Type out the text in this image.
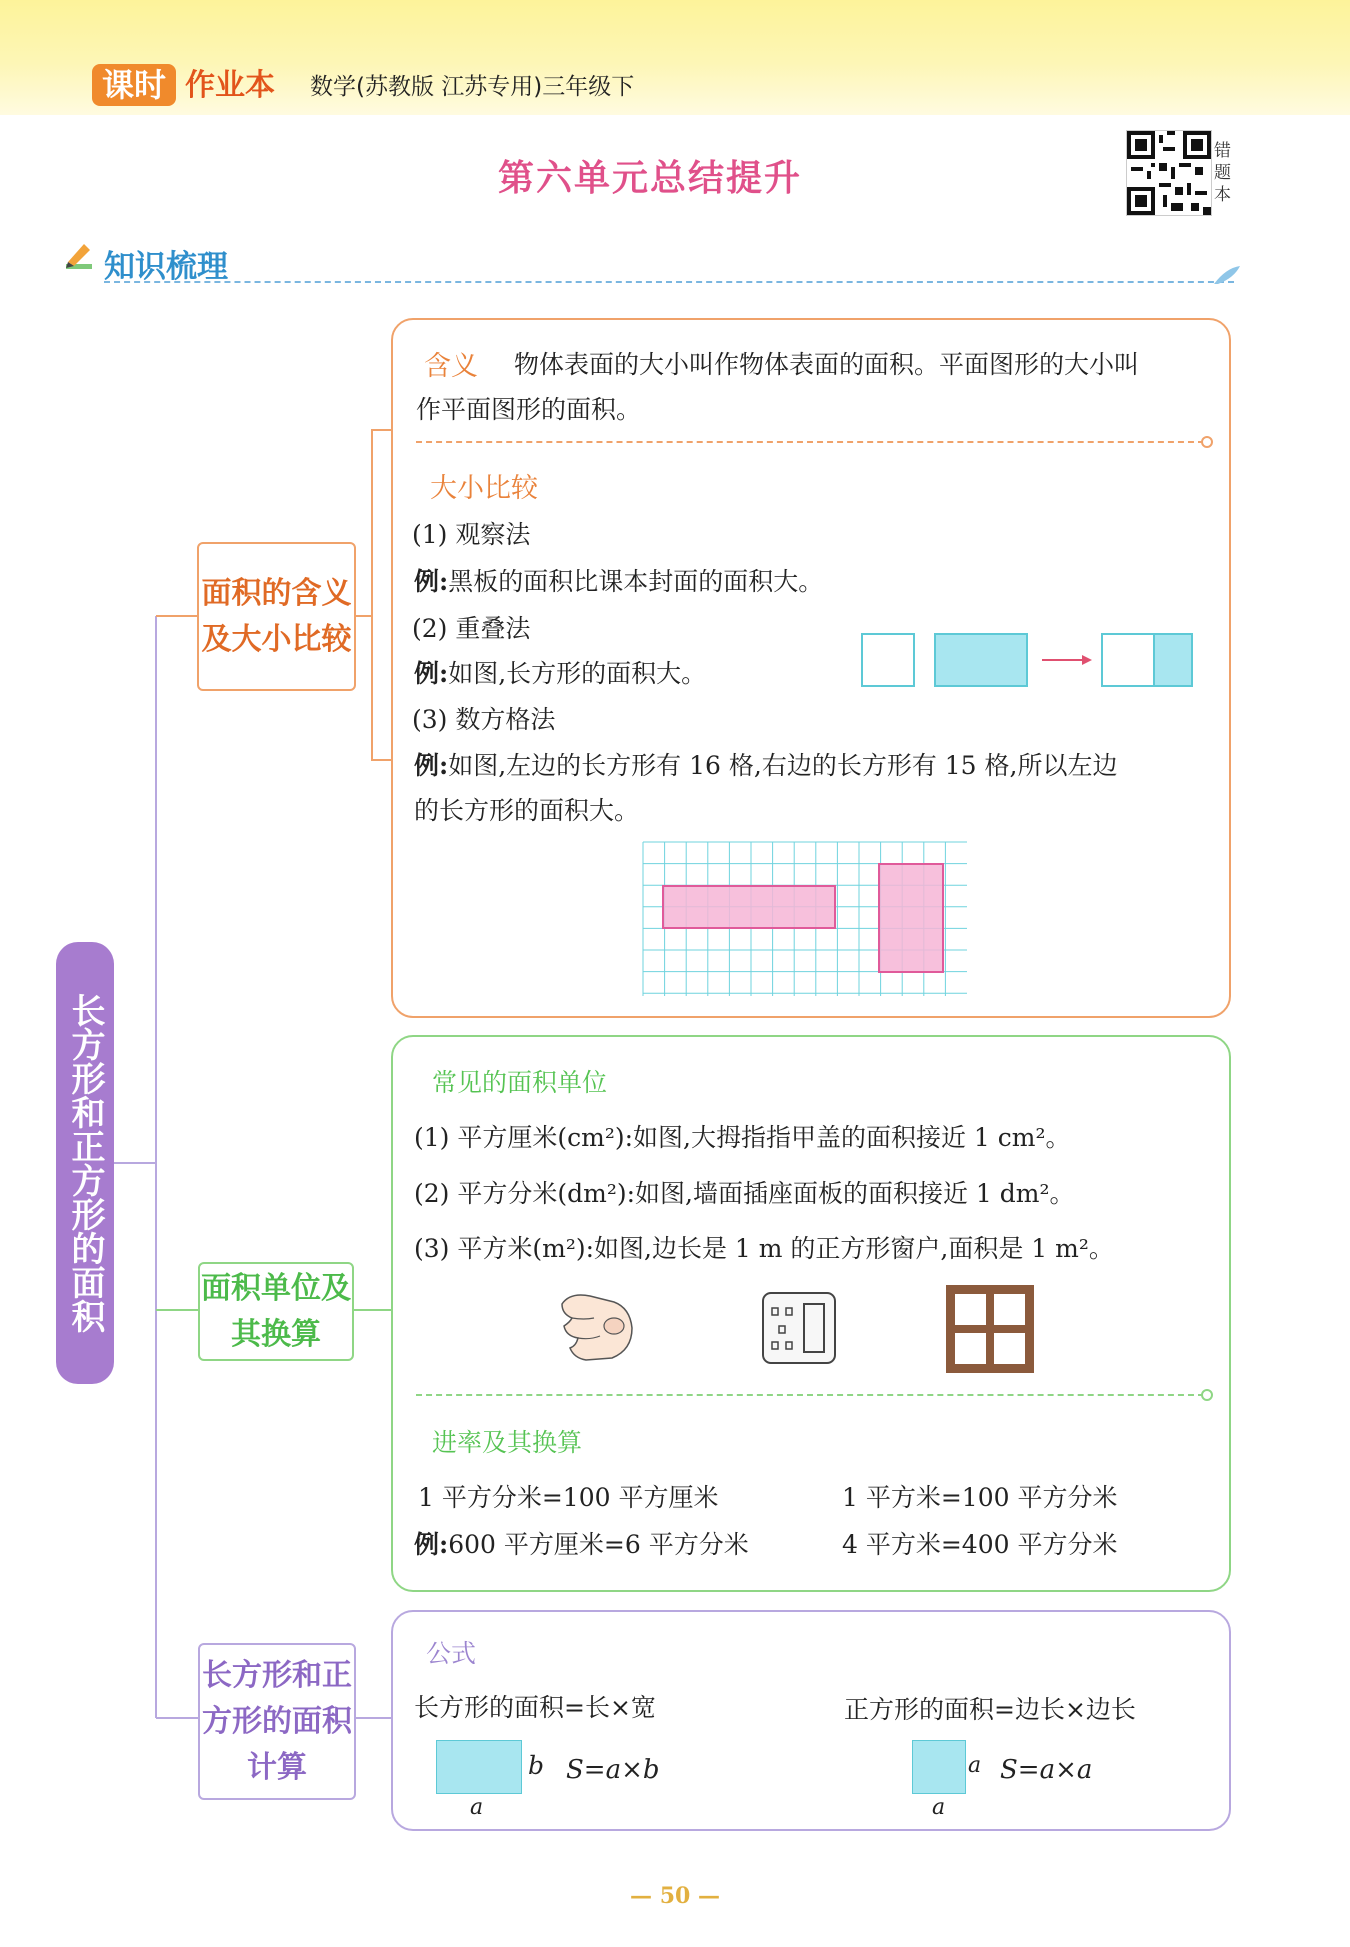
课时 作业本 数学(苏教版 江苏专用)三年级下
第六单元总结提升
错题本
知识梳理
长方形和正方形的面积
面积的含义及大小比较
面积单位及其换算
长方形和正方形的面积计算
含义 物体表面的大小叫作物体表面的面积。平面图形的大小叫
作平面图形的面积。
大小比较
(1) 观察法
例:黑板的面积比课本封面的面积大。
(2) 重叠法
例:如图,长方形的面积大。
(3) 数方格法
例:如图,左边的长方形有 16 格,右边的长方形有 15 格,所以左边
的长方形的面积大。
常见的面积单位
(1) 平方厘米(cm²):如图,大拇指指甲盖的面积接近 1 cm²。
(2) 平方分米(dm²):如图,墙面插座面板的面积接近 1 dm²。
(3) 平方米(m²):如图,边长是 1 m 的正方形窗户,面积是 1 m²。
进率及其换算
1 平方分米=100 平方厘米	1 平方米=100 平方分米
例:600 平方厘米=6 平方分米	4 平方米=400 平方分米
公式
长方形的面积=长×宽	正方形的面积=边长×边长
b
a
S=a×b	a
a
S=a×a
— 50 —
